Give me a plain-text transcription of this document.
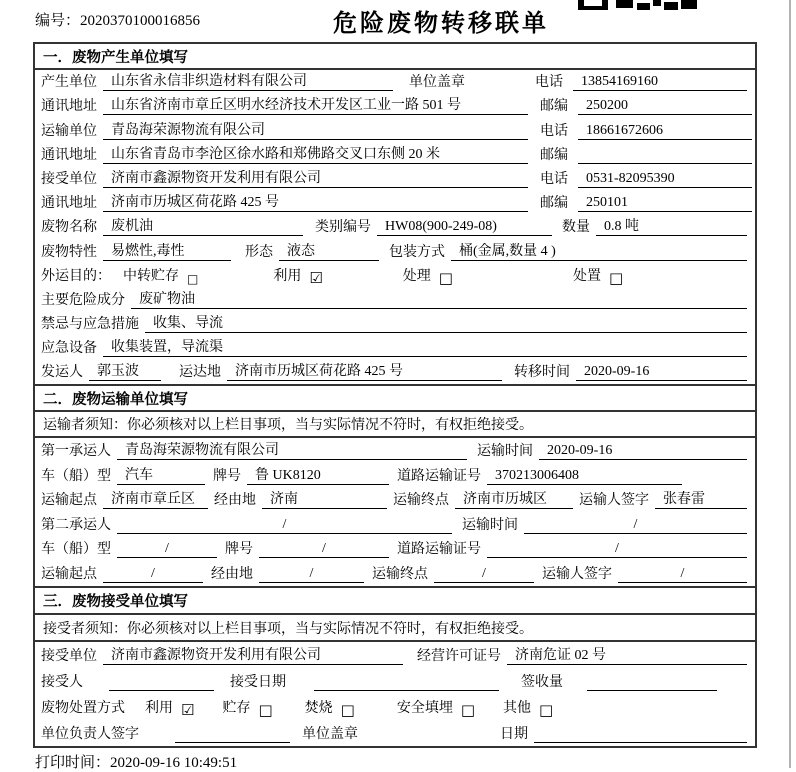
编号：2020370100016856	危险废物转移联单
一．废物产生单位填写
产生单位	山东省永信非织造材料有限公司	单位盖章	电话	13854169160
通讯地址	山东省济南市章丘区明水经济技术开发区工业一路 501 号	邮编	250200
运输单位	青岛海荣源物流有限公司	电话	18661672606
通讯地址	山东省青岛市李沧区徐水路和郑佛路交叉口东侧 20 米	邮编
接受单位	济南市鑫源物资开发利用有限公司	电话	0531-82095390
通讯地址	济南市历城区荷花路 425 号	邮编	250101
废物名称	废机油	类别编号	HW08(900-249-08)	数量	0.8 吨
废物特性	易燃性,毒性	形态	液态	包装方式	桶(金属,数量 4 )
外运目的： 中转贮存 □	利用 ☑	处理 □	处置 □
主要危险成分	废矿物油
禁忌与应急措施	收集、导流
应急设备	收集装置，导流渠
发运人	郭玉波	运达地	济南市历城区荷花路 425 号	转移时间	2020-09-16
二．废物运输单位填写
运输者须知：你必须核对以上栏目事项，当与实际情况不符时，有权拒绝接受。
第一承运人	青岛海荣源物流有限公司	运输时间	2020-09-16
车（船）型	汽车	牌号	鲁 UK8120	道路运输证号	370213006408
运输起点	济南市章丘区	经由地	济南	运输终点	济南市历城区	运输人签字	张春雷
第二承运人	/	运输时间	/
车（船）型	/	牌号	/	道路运输证号	/
运输起点	/	经由地	/	运输终点	/	运输人签字	/
三．废物接受单位填写
接受者须知：你必须核对以上栏目事项，当与实际情况不符时，有权拒绝接受。
接受单位	济南市鑫源物资开发利用有限公司	经营许可证号	济南危证 02 号
接受人	接受日期	签收量
废物处置方式 利用 ☑ 贮存 □ 焚烧 □	安全填埋 □ 其他 □
单位负责人签字	单位盖章	日期
打印时间：2020-09-16 10:49:51
